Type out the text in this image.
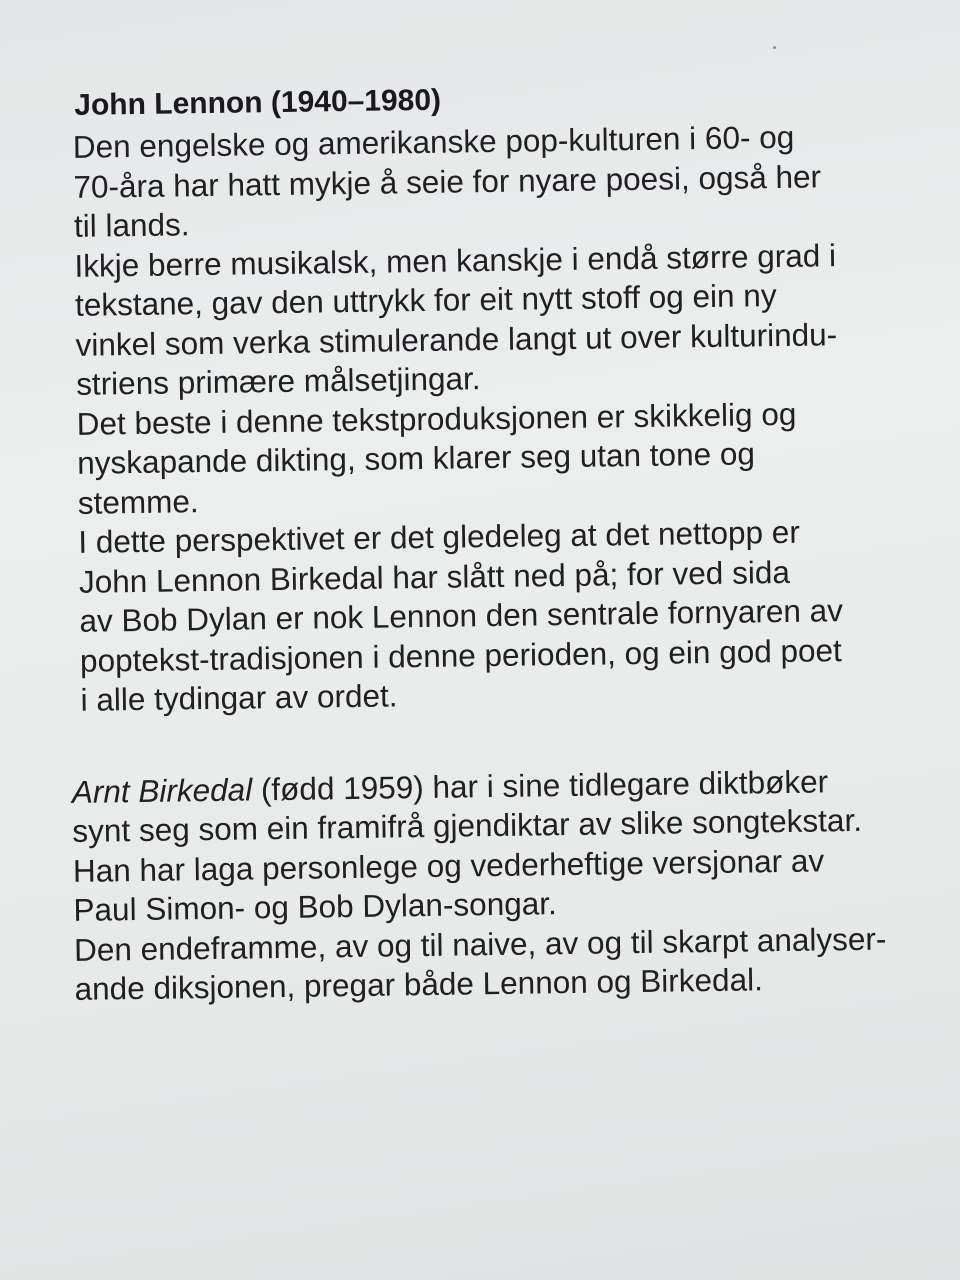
John Lennon (1940–1980)
Den engelske og amerikanske pop-kulturen i 60- og
70-åra har hatt mykje å seie for nyare poesi, også her
til lands.
Ikkje berre musikalsk, men kanskje i endå større grad i
tekstane, gav den uttrykk for eit nytt stoff og ein ny
vinkel som verka stimulerande langt ut over kulturindu-
striens primære målsetjingar.
Det beste i denne tekstproduksjonen er skikkelig og
nyskapande dikting, som klarer seg utan tone og
stemme.
I dette perspektivet er det gledeleg at det nettopp er
John Lennon Birkedal har slått ned på; for ved sida
av Bob Dylan er nok Lennon den sentrale fornyaren av
poptekst-tradisjonen i denne perioden, og ein god poet
i alle tydingar av ordet.
Arnt Birkedal (fødd 1959) har i sine tidlegare diktbøker
synt seg som ein framifrå gjendiktar av slike songtekstar.
Han har laga personlege og vederheftige versjonar av
Paul Simon- og Bob Dylan-songar.
Den endeframme, av og til naive, av og til skarpt analyser-
ande diksjonen, pregar både Lennon og Birkedal.
